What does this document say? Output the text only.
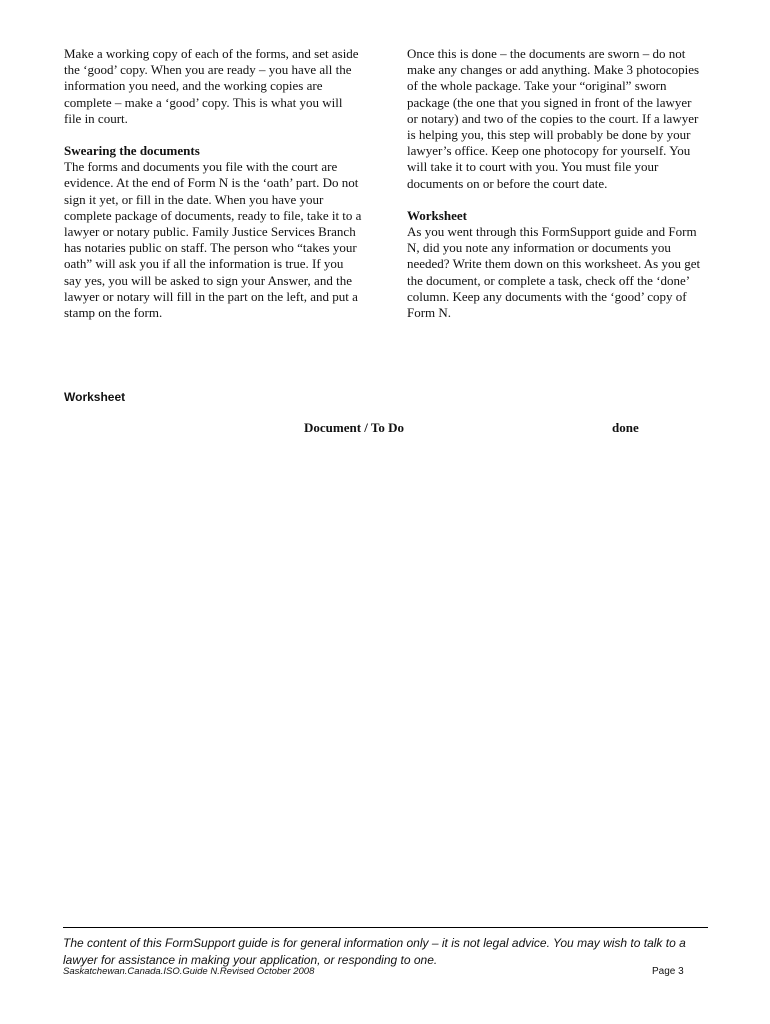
Make a working copy of each of the forms, and set aside the ‘good’ copy. When you are ready – you have all the information you need, and the working copies are complete – make a ‘good’ copy. This is what you will file in court.

Swearing the documents

The forms and documents you file with the court are evidence. At the end of Form N is the ‘oath’ part. Do not sign it yet, or fill in the date. When you have your complete package of documents, ready to file, take it to a lawyer or notary public. Family Justice Services Branch has notaries public on staff. The person who “takes your oath” will ask you if all the information is true. If you say yes, you will be asked to sign your Answer, and the lawyer or notary will fill in the part on the left, and put a stamp on the form.

Once this is done – the documents are sworn – do not make any changes or add anything. Make 3 photocopies of the whole package. Take your “original” sworn package (the one that you signed in front of the lawyer or notary) and two of the copies to the court. If a lawyer is helping you, this step will probably be done by your lawyer’s office. Keep one photocopy for yourself. You will take it to court with you. You must file your documents on or before the court date.

Worksheet

As you went through this FormSupport guide and Form N, did you note any information or documents you needed? Write them down on this worksheet. As you get the document, or complete a task, check off the ‘done’ column. Keep any documents with the ‘good’ copy of Form N.

Worksheet
Document / To Do	done

The content of this FormSupport guide is for general information only – it is not legal advice. You may wish to talk to a lawyer for assistance in making your application, or responding to one.

Saskatchewan.Canada.ISO.Guide N.Revised October 2008	Page 3
